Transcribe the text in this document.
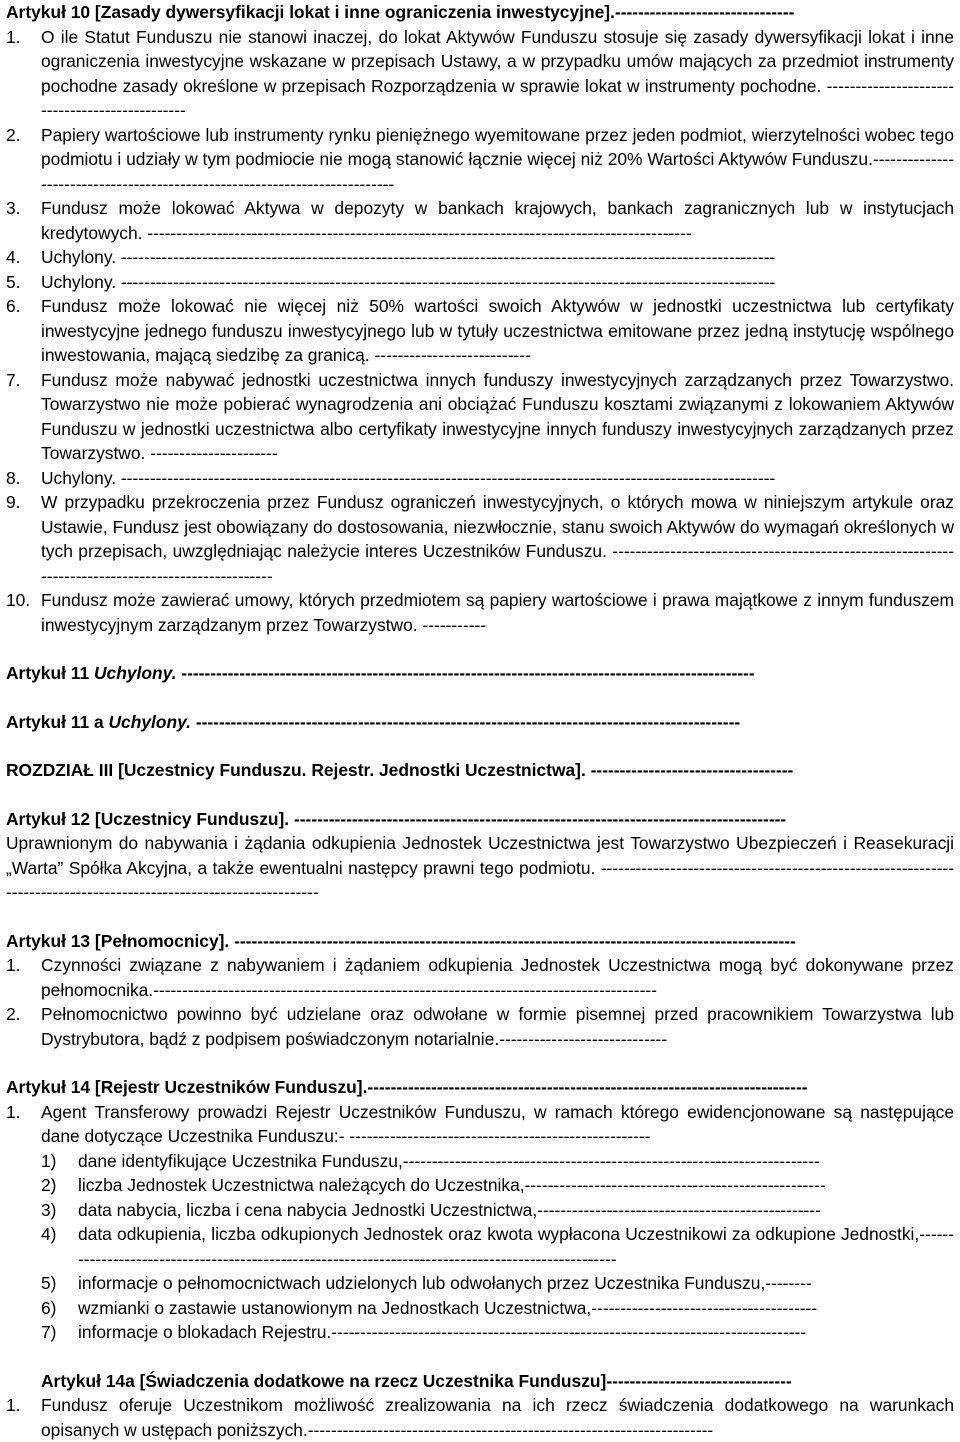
Artykuł 10 [Zasady dywersyfikacji lokat i inne ograniczenia inwestycyjne].-------------------------------
1.	O ile Statut Funduszu nie stanowi inaczej, do lokat Aktywów Funduszu stosuje się zasady dywersyfikacji lokat i inne ograniczenia inwestycyjne wskazane w przepisach Ustawy, a w przypadku umów mających za przedmiot instrumenty pochodne zasady określone w przepisach Rozporządzenia w sprawie lokat w instrumenty pochodne. -----------------------------------------------
2.	Papiery wartościowe lub instrumenty rynku pieniężnego wyemitowane przez jeden podmiot, wierzytelności wobec tego podmiotu i udziały w tym podmiocie nie mogą stanowić łącznie więcej niż 20% Wartości Aktywów Funduszu.---------------------------------------------------------------------------
3.	Fundusz może lokować Aktywa w depozyty w bankach krajowych, bankach zagranicznych lub w instytucjach kredytowych. ----------------------------------------------------------------------------------------------
4.	Uchylony. -----------------------------------------------------------------------------------------------------------------
5.	Uchylony. -----------------------------------------------------------------------------------------------------------------
6.	Fundusz może lokować nie więcej niż 50% wartości swoich Aktywów w jednostki uczestnictwa lub certyfikaty inwestycyjne jednego funduszu inwestycyjnego lub w tytuły uczestnictwa emitowane przez jedną instytucję wspólnego inwestowania, mającą siedzibę za granicą. ---------------------------
7.	Fundusz może nabywać jednostki uczestnictwa innych funduszy inwestycyjnych zarządzanych przez Towarzystwo. Towarzystwo nie może pobierać wynagrodzenia ani obciążać Funduszu kosztami związanymi z lokowaniem Aktywów Funduszu w jednostki uczestnictwa albo certyfikaty inwestycyjne innych funduszy inwestycyjnych zarządzanych przez Towarzystwo. ----------------------
8.	Uchylony. -----------------------------------------------------------------------------------------------------------------
9.	W przypadku przekroczenia przez Fundusz ograniczeń inwestycyjnych, o których mowa w niniejszym artykule oraz Ustawie, Fundusz jest obowiązany do dostosowania, niezwłocznie, stanu swoich Aktywów do wymagań określonych w tych przepisach, uwzględniając należycie interes Uczestników Funduszu. ---------------------------------------------------------------------------------------------------
10. Fundusz może zawierać umowy, których przedmiotem są papiery wartościowe i prawa majątkowe z innym funduszem inwestycyjnym zarządzanym przez Towarzystwo. -----------
Artykuł 11 Uchylony. ---------------------------------------------------------------------------------------------------
Artykuł 11 a Uchylony. ----------------------------------------------------------------------------------------------
ROZDZIAŁ III [Uczestnicy Funduszu. Rejestr. Jednostki Uczestnictwa]. -----------------------------------
Artykuł 12 [Uczestnicy Funduszu]. -------------------------------------------------------------------------------------

Uprawnionym do nabywania i żądania odkupienia Jednostek Uczestnictwa jest Towarzystwo Ubezpieczeń i Reasekuracji „Warta” Spółka Akcyjna, a także ewentualni następcy prawni tego podmiotu. -------------------------------------------------------------------------------------------------------------------

Artykuł 13 [Pełnomocnicy]. -------------------------------------------------------------------------------------------------
1.	Czynności związane z nabywaniem i żądaniem odkupienia Jednostek Uczestnictwa mogą być dokonywane przez pełnomocnika.---------------------------------------------------------------------------------------
2.	Pełnomocnictwo powinno być udzielane oraz odwołane w formie pisemnej przed pracownikiem Towarzystwa lub Dystrybutora, bądź z podpisem poświadczonym notarialnie.-----------------------------
Artykuł 14 [Rejestr Uczestników Funduszu].----------------------------------------------------------------------------
1.	Agent Transferowy prowadzi Rejestr Uczestników Funduszu, w ramach którego ewidencjonowane są następujące dane dotyczące Uczestnika Funduszu:- ----------------------------------------------------
1)	dane identyfikujące Uczestnika Funduszu,------------------------------------------------------------------------
2)	liczba Jednostek Uczestnictwa należących do Uczestnika,----------------------------------------------------
3)	data nabycia, liczba i cena nabycia Jednostki Uczestnictwa,-------------------------------------------------
4)	data odkupienia, liczba odkupionych Jednostek oraz kwota wypłacona Uczestnikowi za odkupione Jednostki,---------------------------------------------------------------------------------------------------
5)	informacje o pełnomocnictwach udzielonych lub odwołanych przez Uczestnika Funduszu,--------
6)	wzmianki o zastawie ustanowionym na Jednostkach Uczestnictwa,---------------------------------------
7)	informacje o blokadach Rejestru.----------------------------------------------------------------------------------
Artykuł 14a [Świadczenia dodatkowe na rzecz Uczestnika Funduszu]--------------------------------
1.	Fundusz oferuje Uczestnikom możliwość zrealizowania na ich rzecz świadczenia dodatkowego na warunkach opisanych w ustępach poniższych.----------------------------------------------------------------------
